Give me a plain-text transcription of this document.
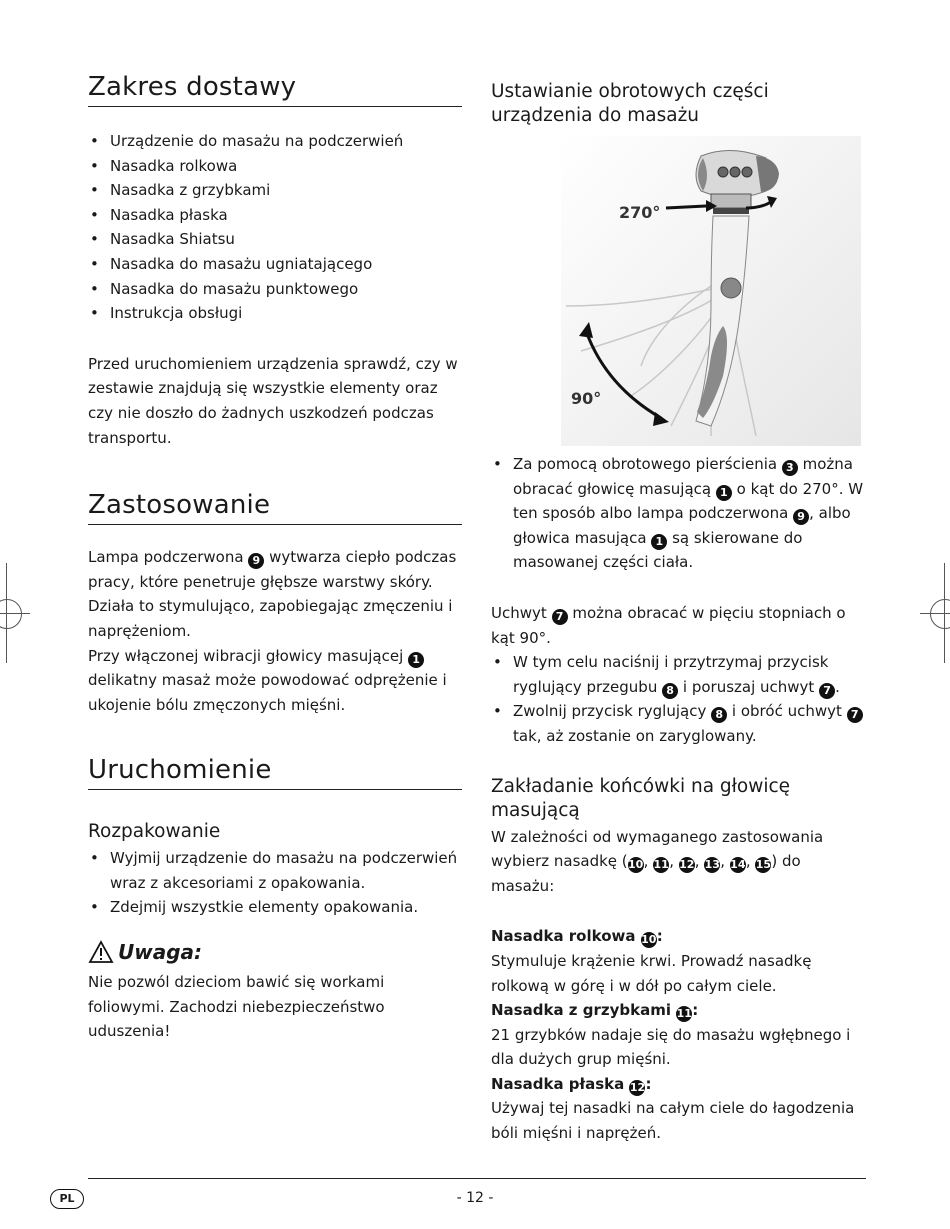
Zakres dostawy
• Urządzenie do masażu na podczerwień
• Nasadka rolkowa
• Nasadka z grzybkami
• Nasadka płaska
• Nasadka Shiatsu
• Nasadka do masażu ugniatającego
• Nasadka do masażu punktowego
• Instrukcja obsługi

Przed uruchomieniem urządzenia sprawdź, czy w zestawie znajdują się wszystkie elementy oraz czy nie doszło do żadnych uszkodzeń podczas transportu.

Zastosowanie

Lampa podczerwona 9 wytwarza ciepło podczas pracy, które penetruje głębsze warstwy skóry. Działa to stymulująco, zapobiegając zmęczeniu i naprężeniom.

Przy włączonej wibracji głowicy masującej 1 delikatny masaż może powodować odprężenie i ukojenie bólu zmęczonych mięśni.

Uruchomienie
Rozpakowanie
• Wyjmij urządzenie do masażu na podczerwień wraz z akcesoriami z opakowania.
• Zdejmij wszystkie elementy opakowania.
Uwaga:

Nie pozwól dzieciom bawić się workami foliowymi. Zachodzi niebezpieczeństwo uduszenia!

Ustawianie obrotowych części urządzenia do masażu
270°
90°
• Za pomocą obrotowego pierścienia 3 można obracać głowicę masującą 1 o kąt do 270°. W ten sposób albo lampa podczerwona 9 , albo głowica masująca 1 są skierowane do masowanej części ciała.

Uchwyt 7 można obracać w pięciu stopniach o kąt 90°.

• W tym celu naciśnij i przytrzymaj przycisk ryglujący przegubu 8 i poruszaj uchwyt 7 .
• Zwolnij przycisk ryglujący 8 i obróć uchwyt 7 tak, aż zostanie on zaryglowany.
Zakładanie końcówki na głowicę masującą

W zależności od wymaganego zastosowania wybierz nasadkę (10, 11, 12, 13, 14, 15) do masażu:

Nasadka rolkowa 10:

Stymuluje krążenie krwi. Prowadź nasadkę rolkową w górę i w dół po całym ciele.

Nasadka z grzybkami 11:

21 grzybków nadaje się do masażu wgłębnego i dla dużych grup mięśni.

Nasadka płaska 12:

Używaj tej nasadki na całym ciele do łagodzenia bóli mięśni i naprężeń.

PL	- 12 -
